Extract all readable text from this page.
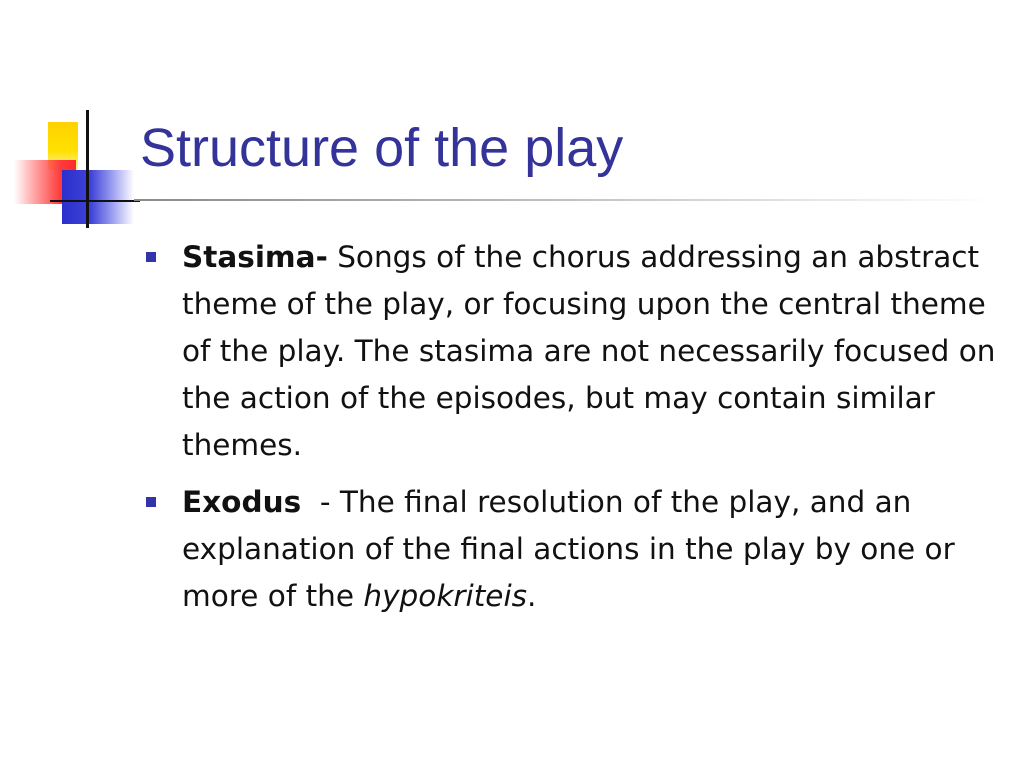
Structure of the play

Stasima- Songs of the chorus addressing an abstract theme of the play, or focusing upon the central theme of the play. The stasima are not necessarily focused on the action of the episodes, but may contain similar themes.

Exodus  - The final resolution of the play, and an explanation of the final actions in the play by one or more of the hypokriteis.
